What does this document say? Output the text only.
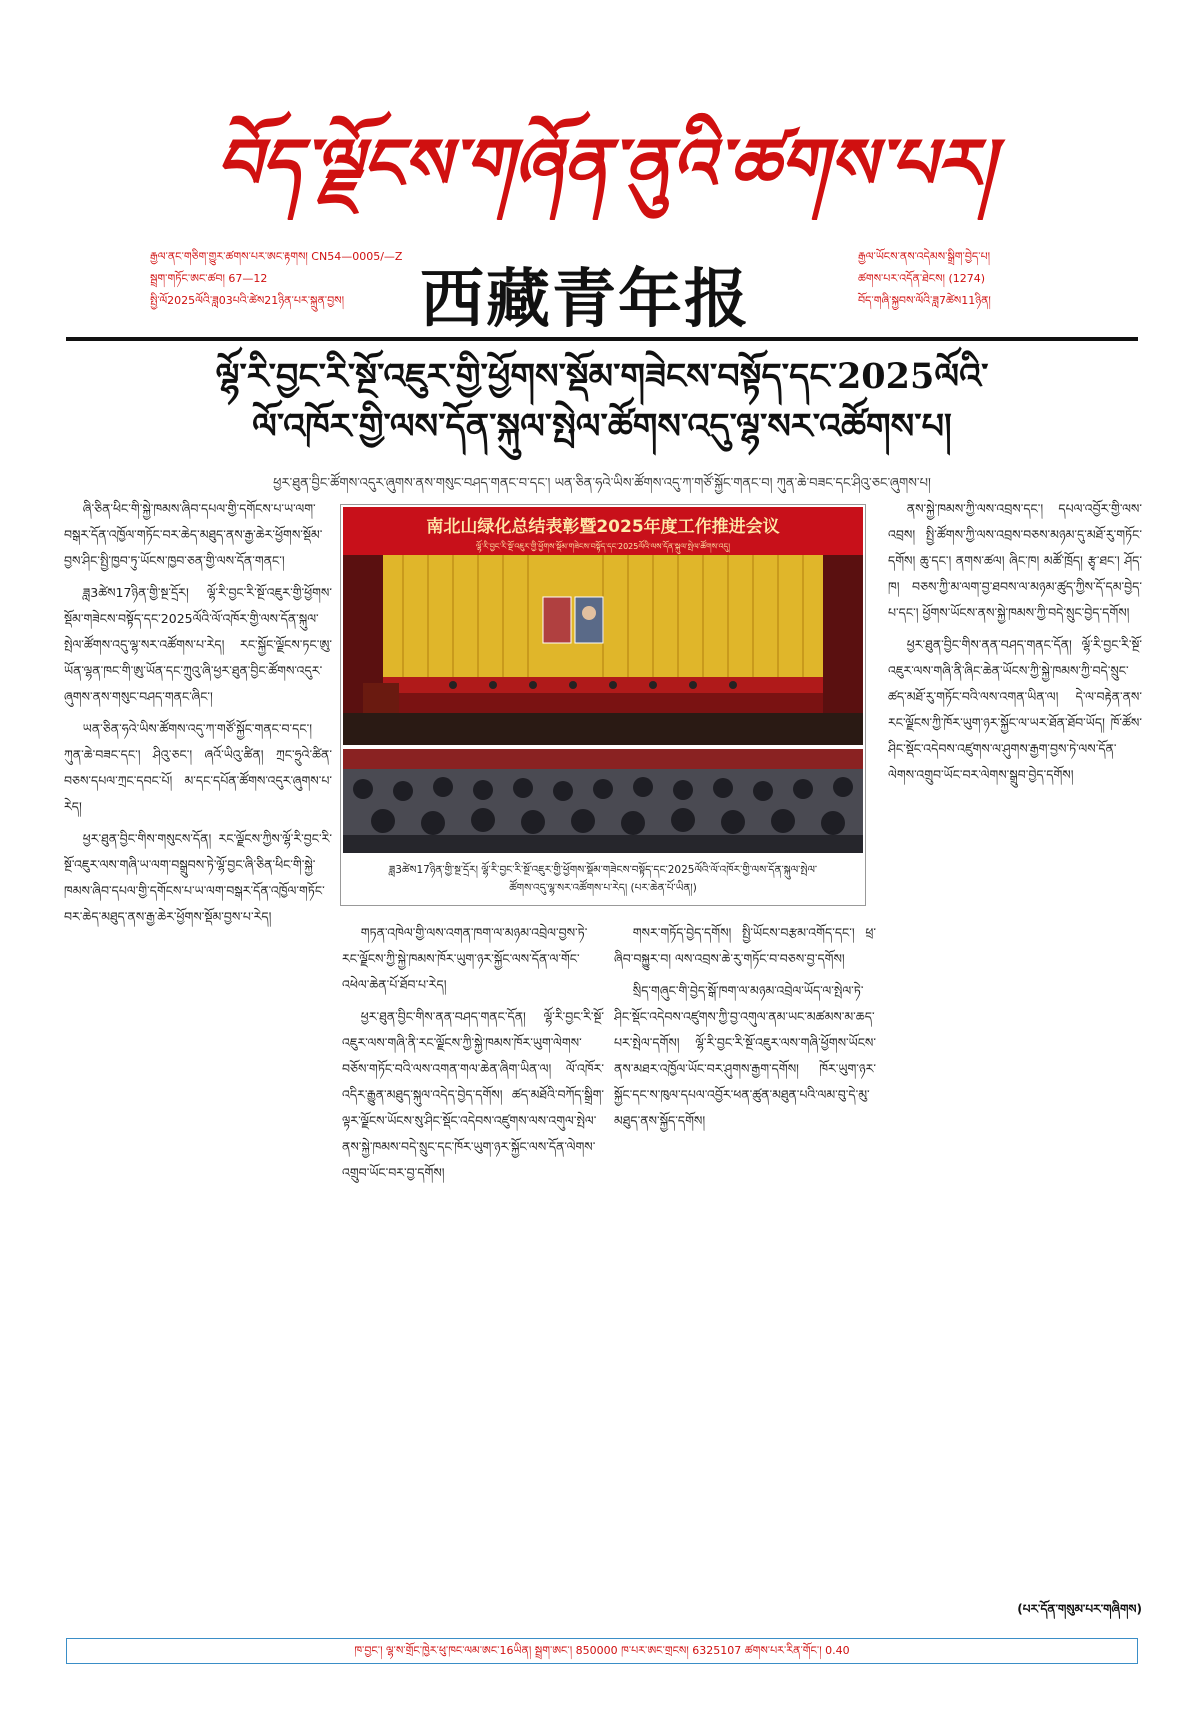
བོད་ལྗོངས་གཞོན་ནུའི་ཚགས་པར།
རྒྱལ་ནང་གཅིག་གྱུར་ཚགས་པར་ཨང་རྟགས། CN54—0005/—Z
སྦྲག་གཏོང་ཨང་ཚབ། 67—12
སྤྱི་ལོ2025ལོའི་ཟླ03པའི་ཚེས21ཉིན་པར་སྐྲུན་བྱས།	西藏青年报
རྒྱལ་ཡོངས་ནས་འདེམས་སྒྲིག་བྱེད་པ།
ཚགས་པར་འདོན་ཐེངས། (1274)
བོད་གཞི་སྐྱབས་ལོའི་ཟླ7ཚེས11ཉིན།
ལྷོ་རི་བྱང་རི་སྔོ་འཇུར་གྱི་ཕྱོགས་སྡོམ་གཟེངས་བསྟོད་དང་2025ལོའི་
ལོ་འཁོར་གྱི་ལས་དོན་སྐུལ་སྤེལ་ཚོགས་འདུ་ལྷ་སར་འཚོགས་པ།
ཕྱར་ཐུན་བྱིང་ཚོགས་འདུར་ཞུགས་ནས་གསུང་བཤད་གནང་བ་དང་། ཡན་ཅིན་ཧའེ་ཡིས་ཚོགས་འདུ་ཀ་གཙོ་སྐྱོང་གནང་བ། ཀུན་ཆེ་བཟང་དང་ཤིའུ་ཅང་ཞུགས་པ།

ཞི་ཅིན་ཕིང་གི་སྐྱེ་ཁམས་ཞིབ་དཔལ་གྱི་དགོངས་པ་ཡ་ལག་བསྒར་དོན་འཁྱོལ་གཏོང་བར་ཆེད་མཐུད་ནས་རྒྱ་ཆེར་ཕྱོགས་སྡོམ་བྱས་ཤིང་སྤྱི་ཁྱབ་ཏུ་ཡོངས་ཁྱབ་ཅན་གྱི་ལས་དོན་གནང་།

ཟླ3ཚེས17ཉིན་གྱི་སྔ་དྲོར། ལྷོ་རི་བྱང་རི་སྔོ་འཇུར་གྱི་ཕྱོགས་སྡོམ་གཟེངས་བསྟོད་དང་2025ལོའི་ལོ་འཁོར་གྱི་ལས་དོན་སྐུལ་སྤེལ་ཚོགས་འདུ་ལྷ་སར་འཚོགས་པ་རེད། རང་སྐྱོང་ལྗོངས་ཏང་ཨུ་ཡོན་ལྷན་ཁང་གི་ཨུ་ཡོན་དང་ཀྲུའུ་ཞི་ཕྱར་ཐུན་བྱིང་ཚོགས་འདུར་ཞུགས་ནས་གསུང་བཤད་གནང་ཞིང་།

ཡན་ཅིན་ཧའེ་ཡིས་ཚོགས་འདུ་ཀ་གཙོ་སྐྱོང་གནང་བ་དང་། ཀུན་ཆེ་བཟང་དང་། ཤིའུ་ཅང་། ཞའོ་ཡིའུ་ཚིན། ཀྲང་ཧྲུའེ་ཚིན་བཅས་དཔལ་ཀྲང་དབང་པོ། མ་དང་དཔོན་ཚོགས་འདུར་ཞུགས་པ་རེད།

ཕྱར་ཐུན་བྱིང་གིས་གསུངས་དོན། རང་ལྗོངས་ཀྱིས་ལྷོ་རི་བྱང་རི་སྔོ་འཇུར་ལས་གཞི་ཡ་ལག་བསྒྲུབས་ཏེ་ལྷོ་བྱང་ཞི་ཅིན་ཕིང་གི་སྐྱེ་ཁམས་ཞིབ་དཔལ་གྱི་དགོངས་པ་ཡ་ལག་བསྒར་དོན་འཁྱོལ་གཏོང་བར་ཆེད་མཐུད་ནས་རྒྱ་ཆེར་ཕྱོགས་སྡོམ་བྱས་པ་རེད།

南北山绿化总结表彰暨2025年度工作推进会议
ལྷོ་རི་བྱང་རི་སྔོ་འཇུར་གྱི་ཕྱོགས་སྡོམ་གཟེངས་བསྟོད་དང་2025ལོའི་ལས་དོན་སྐུལ་སྤེལ་ཚོགས་འདུ།
ཟླ3ཚེས17ཉིན་གྱི་སྔ་དྲོར། ལྷོ་རི་བྱང་རི་སྔོ་འཇུར་གྱི་ཕྱོགས་སྡོམ་གཟེངས་བསྟོད་དང་2025ལོའི་ལོ་འཁོར་གྱི་ལས་དོན་སྐུལ་སྤེལ་
ཚོགས་འདུ་ལྷ་སར་འཚོགས་པ་རེད། (པར་ཆེན་པོ་ཡིན།)

གཏན་འཁེལ་གྱི་ལས་འགན་ཁག་ལ་མཉམ་འབྲེལ་བྱས་ཏེ་རང་ལྗོངས་ཀྱི་སྐྱེ་ཁམས་ཁོར་ཡུག་ཉར་སྐྱོང་ལས་དོན་ལ་གོང་འཕེལ་ཆེན་པོ་ཐོབ་པ་རེད།

ཕྱར་ཐུན་བྱིང་གིས་ནན་བཤད་གནང་དོན། ལྷོ་རི་བྱང་རི་སྔོ་འཇུར་ལས་གཞི་ནི་རང་ལྗོངས་ཀྱི་སྐྱེ་ཁམས་ཁོར་ཡུག་ལེགས་བཅོས་གཏོང་བའི་ལས་འགན་གལ་ཆེན་ཞིག་ཡིན་ལ། ལོ་འཁོར་འདིར་རྒྱུན་མཐུད་སྐུལ་འདེད་བྱེད་དགོས། ཚད་མཐོའི་བཀོད་སྒྲིག་ལྟར་ལྗོངས་ཡོངས་སུ་ཤིང་སྡོང་འདེབས་འཛུགས་ལས་འགུལ་སྤེལ་ནས་སྐྱེ་ཁམས་བདེ་སྲུང་དང་ཁོར་ཡུག་ཉར་སྐྱོང་ལས་དོན་ལེགས་འགྲུབ་ཡོང་བར་བྱ་དགོས།

གསར་གཏོད་བྱེད་དགོས། སྤྱི་ཡོངས་བརྩམ་འགོད་དང་། ཕྲ་ཞིབ་བསྐྱུར་བ། ལས་འབྲས་ཆེ་རུ་གཏོང་བ་བཅས་བྱ་དགོས།

སྲིད་གཞུང་གི་བྱེད་སྒོ་ཁག་ལ་མཉམ་འབྲེལ་ཡོད་ལ་སྤེལ་ཏེ་ཤིང་སྡོང་འདེབས་འཛུགས་ཀྱི་བྱ་འགུལ་ནམ་ཡང་མཚམས་མ་ཆད་པར་སྤེལ་དགོས། ལྷོ་རི་བྱང་རི་སྔོ་འཇུར་ལས་གཞི་ཕྱོགས་ཡོངས་ནས་མཐར་འཁྱོལ་ཡོང་བར་ཤུགས་རྒྱག་དགོས། ཁོར་ཡུག་ཉར་སྐྱོང་དང་ས་ཁུལ་དཔལ་འབྱོར་ཕན་ཚུན་མཐུན་པའི་ལམ་བུ་དེ་མུ་མཐུད་ནས་སྐྱོད་དགོས།

ནས་སྐྱེ་ཁམས་ཀྱི་ལས་འབྲས་དང་། དཔལ་འབྱོར་གྱི་ལས་འབྲས། སྤྱི་ཚོགས་ཀྱི་ལས་འབྲས་བཅས་མཉམ་དུ་མཐོ་རུ་གཏོང་དགོས། ཆུ་དང་། ནགས་ཚལ། ཞིང་ཁ། མཚོ་ཁྲོད། རྩྭ་ཐང་། ཤོད་ཁ། བཅས་ཀྱི་མ་ལག་བྱ་ཐབས་ལ་མཉམ་ཚུད་ཀྱིས་དོ་དམ་བྱེད་པ་དང་། ཕྱོགས་ཡོངས་ནས་སྐྱེ་ཁམས་ཀྱི་བདེ་སྲུང་བྱེད་དགོས།

ཕྱར་ཐུན་བྱིང་གིས་ནན་བཤད་གནང་དོན། ལྷོ་རི་བྱང་རི་སྔོ་འཇུར་ལས་གཞི་ནི་ཞིང་ཆེན་ཡོངས་ཀྱི་སྐྱེ་ཁམས་ཀྱི་བདེ་སྲུང་ཚད་མཐོ་རུ་གཏོང་བའི་ལས་འགན་ཡིན་ལ། དེ་ལ་བརྟེན་ནས་རང་ལྗོངས་ཀྱི་ཁོར་ཡུག་ཉར་སྐྱོང་ལ་ཡར་ཐོན་ཐོབ་ཡོད། ཁོ་ཚོས་ཤིང་སྡོང་འདེབས་འཛུགས་ལ་ཤུགས་རྒྱག་བྱས་ཏེ་ལས་དོན་ལེགས་འགྲུབ་ཡོང་བར་ལེགས་སྒྲུབ་བྱེད་དགོས།

(པར་དོན་གསུམ་པར་གཞིགས)
ཁ་བྱང་། ལྷ་ས་གྲོང་ཁྱེར་ཕུ་ཁང་ལམ་ཨང་16ཡིན། སྦྲག་ཨང་། 850000 ཁ་པར་ཨང་གྲངས། 6325107 ཚགས་པར་རིན་གོང་། 0.40
